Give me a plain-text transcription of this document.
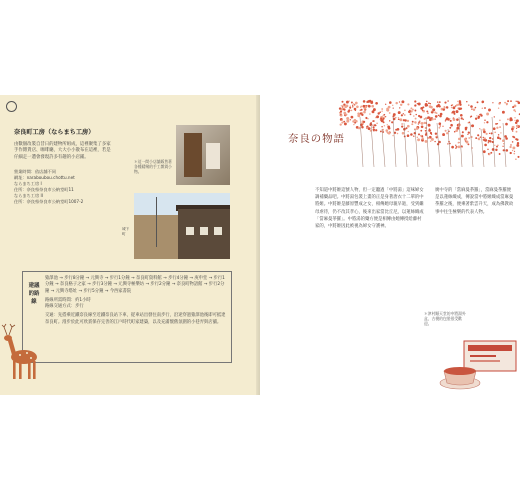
奈良町工房（ならまち工房）
由數個改裝自昔日的建物所組成，這裡聚集了多家手作雜貨店、咖啡廳，大大小小散布在這裡，若是仔細走一遭會發現許多有趣的小店鋪。
營業時間：依店舗不同
網址：naraboubou.chottu.net
ならまち工房 I
住所：奈良県奈良市公納堂町11
ならまち工房 II
住所：奈良県奈良市公納堂町1007-2
＊這一間小店舗販售著各種精緻的手工雜貨小物。
城下町
建議的路線
猿澤池 → 步行8分鐘 → 元興寺 → 步行1分鐘 → 奈良町資料館 → 步行4分鐘 → 庚申堂 → 步行1分鐘 → 奈良格子之家 → 步行3分鐘 → 元興寺極樂坊 → 步行2分鐘 → 奈良町物語館 → 步行2分鐘 → 元興寺塔址 → 步行5分鐘 → 今西家書院
路線所需時間：約1小時
路線交通方式：步行
交通：先搭乘近鐵奈良線至近鐵奈良站下車，從車站出發往南步行，沿途穿過猿澤池後即可抵達奈良町。漫步於此可欣賞保存完善的江戶時代町家建築，以及充滿懷舊氛圍的小巷弄與店舖。
奈良の物語
不知道中將姬這號人物，但一定聽過「中將湯」這味婦女調補藥品吧。中將湯包裝上畫的正是身著唐衣十二單的中將姬。中將姬是藤原豐成之女，相傳她母親早逝，受到繼母虐待，仍不改其孝心，後來出家當比丘尼，以蓮絲織成「當麻曼荼羅」。中將湯的藥方便是相傳由她傳授給藤村家的，中將姬因此被視為婦女守護神。
廣中寺的「當麻曼荼羅」，當麻曼荼羅便是以蓮絲織成，傳說當中將姬織成當麻曼荼羅之後，便乘著紫雲升天，成為佛教故事中往生極樂的代表人物。
＊津村順天堂的中將湯外盒，古樸的包裝很受歡迎。
